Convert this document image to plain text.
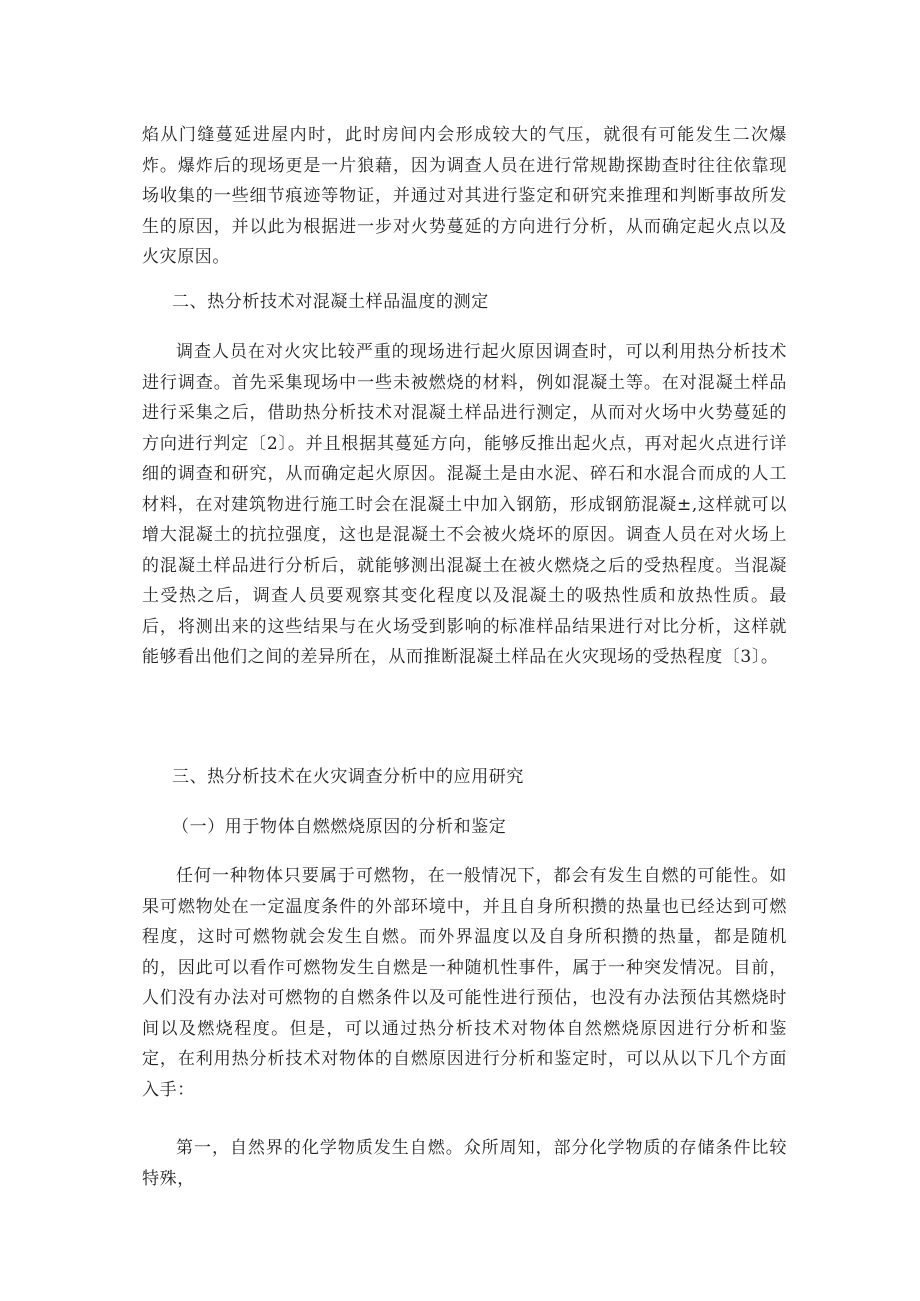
焰从门缝蔓延进屋内时，此时房间内会形成较大的气压，就很有可能发生二次爆炸。爆炸后的现场更是一片狼藉，因为调查人员在进行常规勘探勘查时往往依靠现场收集的一些细节痕迹等物证，并通过对其进行鉴定和研究来推理和判断事故所发生的原因，并以此为根据进一步对火势蔓延的方向进行分析，从而确定起火点以及火灾原因。

二、热分析技术对混凝土样品温度的测定

调查人员在对火灾比较严重的现场进行起火原因调查时，可以利用热分析技术进行调查。首先采集现场中一些未被燃烧的材料，例如混凝土等。在对混凝土样品进行采集之后，借助热分析技术对混凝土样品进行测定，从而对火场中火势蔓延的方向进行判定〔2〕。并且根据其蔓延方向，能够反推出起火点，再对起火点进行详细的调查和研究，从而确定起火原因。混凝土是由水泥、碎石和水混合而成的人工材料，在对建筑物进行施工时会在混凝土中加入钢筋，形成钢筋混凝±,这样就可以增大混凝土的抗拉强度，这也是混凝土不会被火烧坏的原因。调查人员在对火场上的混凝土样品进行分析后，就能够测出混凝土在被火燃烧之后的受热程度。当混凝土受热之后，调查人员要观察其变化程度以及混凝土的吸热性质和放热性质。最后，将测出来的这些结果与在火场受到影响的标准样品结果进行对比分析，这样就能够看出他们之间的差异所在，从而推断混凝土样品在火灾现场的受热程度〔3〕。

三、热分析技术在火灾调查分析中的应用研究

（一）用于物体自燃燃烧原因的分析和鉴定

任何一种物体只要属于可燃物，在一般情况下，都会有发生自燃的可能性。如果可燃物处在一定温度条件的外部环境中，并且自身所积攒的热量也已经达到可燃程度，这时可燃物就会发生自燃。而外界温度以及自身所积攒的热量，都是随机的，因此可以看作可燃物发生自燃是一种随机性事件，属于一种突发情况。目前，人们没有办法对可燃物的自燃条件以及可能性进行预估，也没有办法预估其燃烧时间以及燃烧程度。但是，可以通过热分析技术对物体自然燃烧原因进行分析和鉴定，在利用热分析技术对物体的自燃原因进行分析和鉴定时，可以从以下几个方面入手：

第一，自然界的化学物质发生自燃。众所周知，部分化学物质的存储条件比较特殊，
